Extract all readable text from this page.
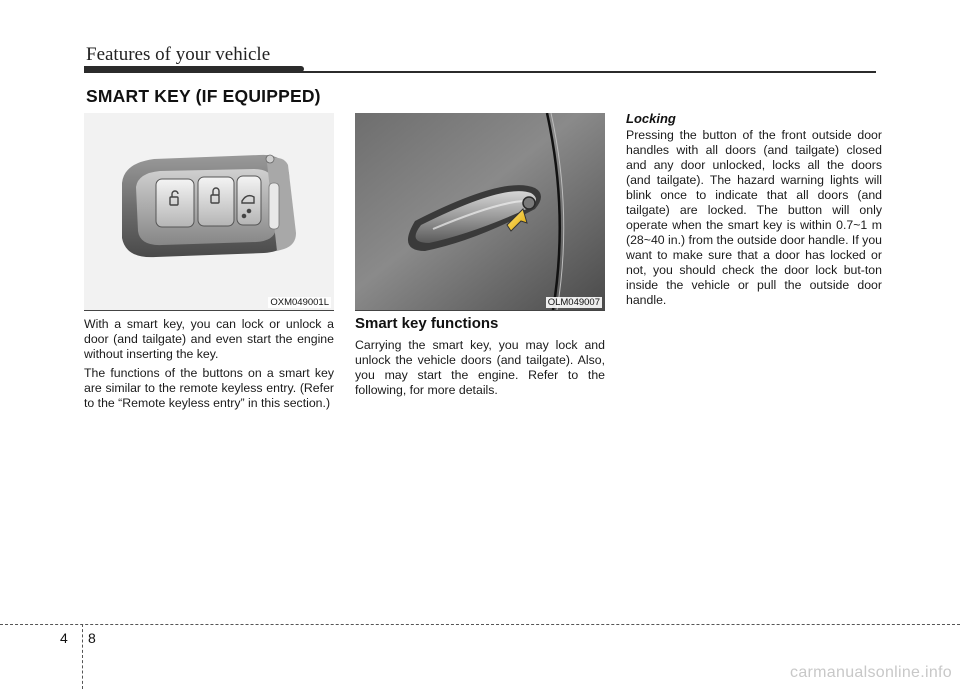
Features of your vehicle
SMART KEY (IF EQUIPPED)
OXM049001L	OLM049007

With a smart key, you can lock or unlock a door (and tailgate) and even start the engine without inserting the key.

The functions of the buttons on a smart key are similar to the remote keyless entry. (Refer to the “Remote keyless entry” in this section.)

Smart key functions

Carrying the smart key, you may lock and unlock the vehicle doors (and tailgate). Also, you may start the engine. Refer to the following, for more details.

Locking

Pressing the button of the front outside door handles with all doors (and tailgate) closed and any door unlocked, locks all the doors (and tailgate). The hazard warning lights will blink once to indicate that all doors (and tailgate) are locked. The button will only operate when the smart key is within 0.7~1 m (28~40 in.) from the outside door handle. If you want to make sure that a door has locked or not, you should check the door lock but-ton inside the vehicle or pull the outside door handle.

4 8
carmanualsonline.info
